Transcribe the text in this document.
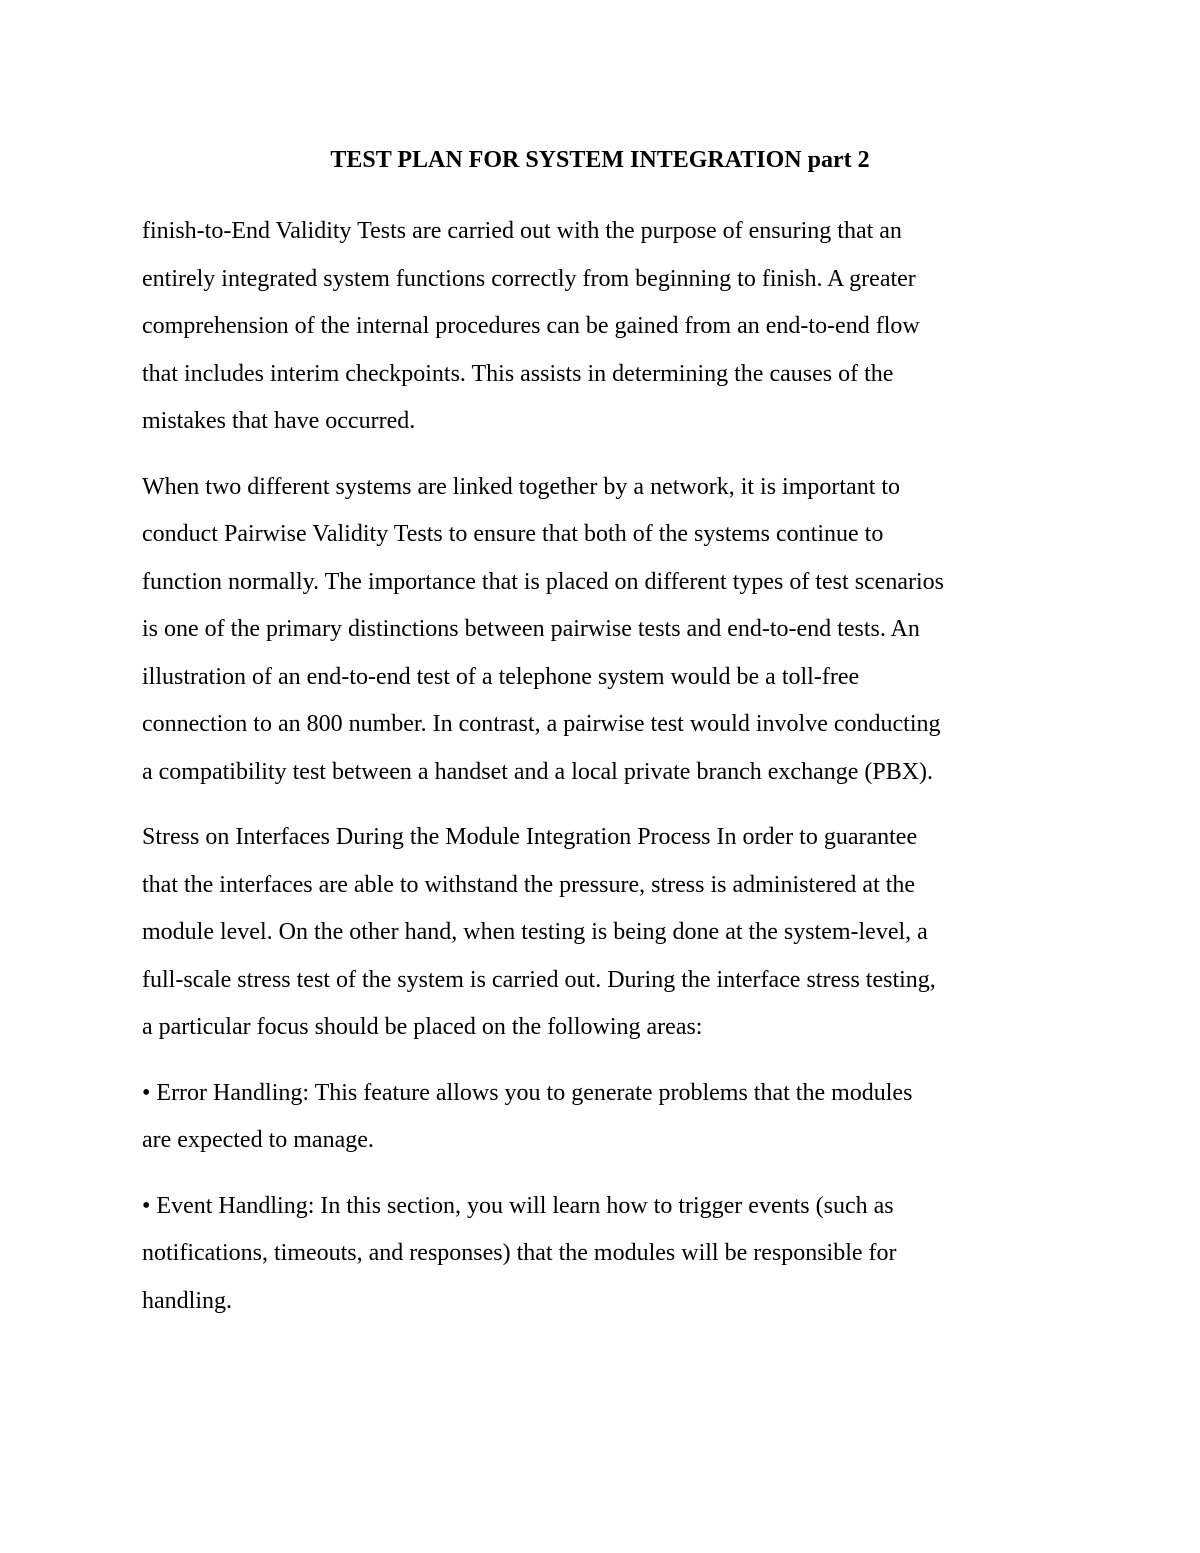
TEST PLAN FOR SYSTEM INTEGRATION part 2

finish-to-End Validity Tests are carried out with the purpose of ensuring that an
entirely integrated system functions correctly from beginning to finish. A greater
comprehension of the internal procedures can be gained from an end-to-end flow
that includes interim checkpoints. This assists in determining the causes of the
mistakes that have occurred.

When two different systems are linked together by a network, it is important to
conduct Pairwise Validity Tests to ensure that both of the systems continue to
function normally. The importance that is placed on different types of test scenarios
is one of the primary distinctions between pairwise tests and end-to-end tests. An
illustration of an end-to-end test of a telephone system would be a toll-free
connection to an 800 number. In contrast, a pairwise test would involve conducting
a compatibility test between a handset and a local private branch exchange (PBX).

Stress on Interfaces During the Module Integration Process In order to guarantee
that the interfaces are able to withstand the pressure, stress is administered at the
module level. On the other hand, when testing is being done at the system-level, a
full-scale stress test of the system is carried out. During the interface stress testing,
a particular focus should be placed on the following areas:

• Error Handling: This feature allows you to generate problems that the modules
are expected to manage.

• Event Handling: In this section, you will learn how to trigger events (such as
notifications, timeouts, and responses) that the modules will be responsible for
handling.
